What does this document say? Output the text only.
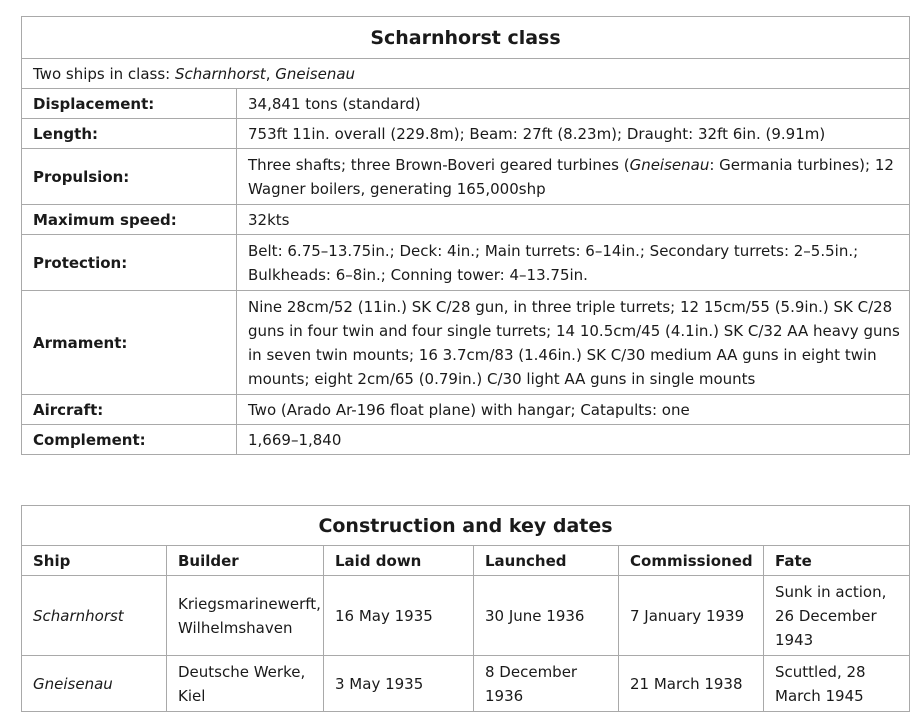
Scharnhorst class	
Two ships in class: Scharnhorst, Gneisenau	
Displacement:	34,841 tons (standard)
Length:	753ft 11in. overall (229.8m); Beam: 27ft (8.23m); Draught: 32ft 6in. (9.91m)
Propulsion:	Three shafts; three Brown-Boveri geared turbines (Gneisenau: Germania turbines); 12 Wagner boilers, generating 165,000shp
Maximum speed:	32kts
Protection:	Belt: 6.75–13.75in.; Deck: 4in.; Main turrets: 6–14in.; Secondary turrets: 2–5.5in.; Bulkheads: 6–8in.; Conning tower: 4–13.75in.
Armament:	Nine 28cm/52 (11in.) SK C/28 gun, in three triple turrets; 12 15cm/55 (5.9in.) SK C/28 guns in four twin and four single turrets; 14 10.5cm/45 (4.1in.) SK C/32 AA heavy guns in seven twin mounts; 16 3.7cm/83 (1.46in.) SK C/30 medium AA guns in eight twin mounts; eight 2cm/65 (0.79in.) C/30 light AA guns in single mounts
Aircraft:	Two (Arado Ar-196 float plane) with hangar; Catapults: one
Complement:	1,669–1,840
Construction and key dates					
Ship	Builder	Laid down	Launched	Commissioned	Fate
Scharnhorst	Kriegsmarinewerft, Wilhelmshaven	16 May 1935	30 June 1936	7 January 1939	Sunk in action, 26 December 1943
Gneisenau	Deutsche Werke, Kiel	3 May 1935	8 December 1936	21 March 1938	Scuttled, 28 March 1945
